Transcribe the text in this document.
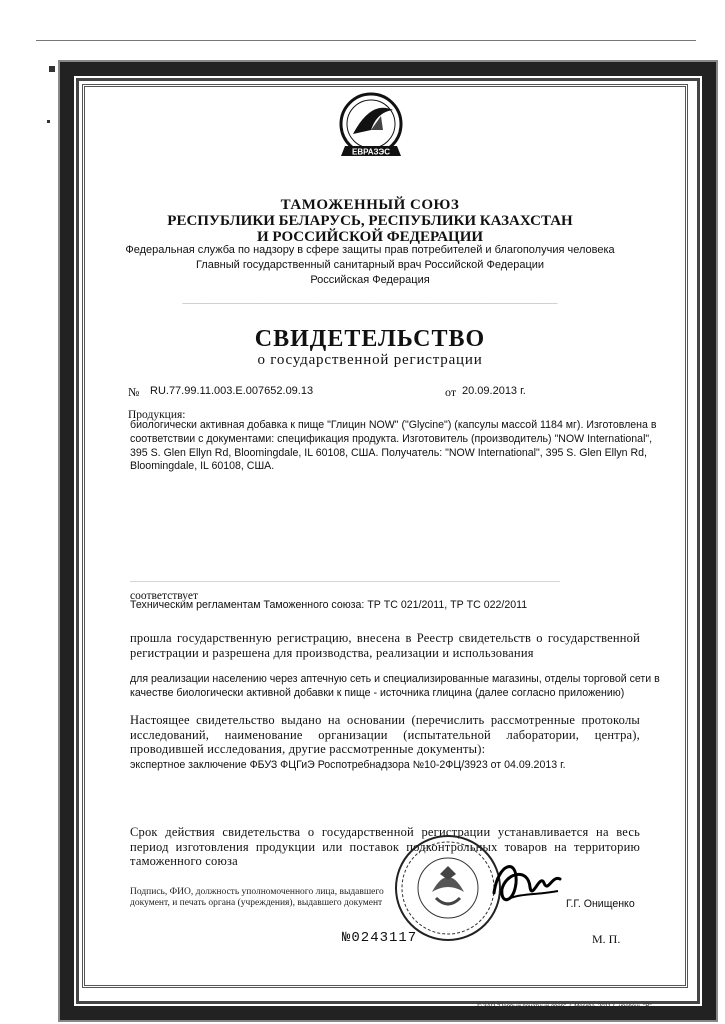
ЕВРАЗЭС
ТАМОЖЕННЫЙ СОЮЗ
РЕСПУБЛИКИ БЕЛАРУСЬ, РЕСПУБЛИКИ КАЗАХСТАН
И РОССИЙСКОЙ ФЕДЕРАЦИИ
Федеральная служба по надзору в сфере защиты прав потребителей и благополучия человека
Главный государственный санитарный врач Российской Федерации
Российская Федерация
———————————————————————————————————————————————————————————————————
СВИДЕТЕЛЬСТВО
о государственной регистрации
№ RU.77.99.11.003.E.007652.09.13	от 20.09.2013 г.
Продукция:
биологически активная добавка к пище "Глицин NOW" ("Glycine") (капсулы массой 1184 мг). Изготовлена в соответствии с документами: спецификация продукта. Изготовитель (производитель) "NOW International", 395 S. Glen Ellyn Rd, Bloomingdale, IL 60108, США. Получатель: "NOW International", 395 S. Glen Ellyn Rd, Bloomingdale, IL 60108, США.
——————————————————————————————————————————————————————————————————————————————————————
соответствует
Техническим регламентам Таможенного союза: ТР ТС 021/2011, ТР ТС 022/2011
прошла государственную регистрацию, внесена в Реестр свидетельств о государственной регистрации и разрешена для производства, реализации и использования
для реализации населению через аптечную сеть и специализированные магазины, отделы торговой сети в качестве биологически активной добавки к пище - источника глицина (далее согласно приложению)
Настоящее свидетельство выдано на основании (перечислить рассмотренные протоколы исследований, наименование организации (испытательной лаборатории, центра), проводившей исследования, другие рассмотренные документы):
экспертное заключение ФБУЗ ФЦГиЭ Роспотребнадзора №10-2ФЦ/3923 от 04.09.2013 г.
Срок действия свидетельства о государственной регистрации устанавливается на весь период изготовления продукции или поставок подконтрольных товаров на территорию таможенного союза
Подпись, ФИО, должность уполномоченного лица, выдавшего документ, и печать органа (учреждения), выдавшего документ	Г.Г. Онищенко
№0243117	М. П.
© ЗАО "Первый печатный двор", г. Москва, 2011 г., уровень "В"
